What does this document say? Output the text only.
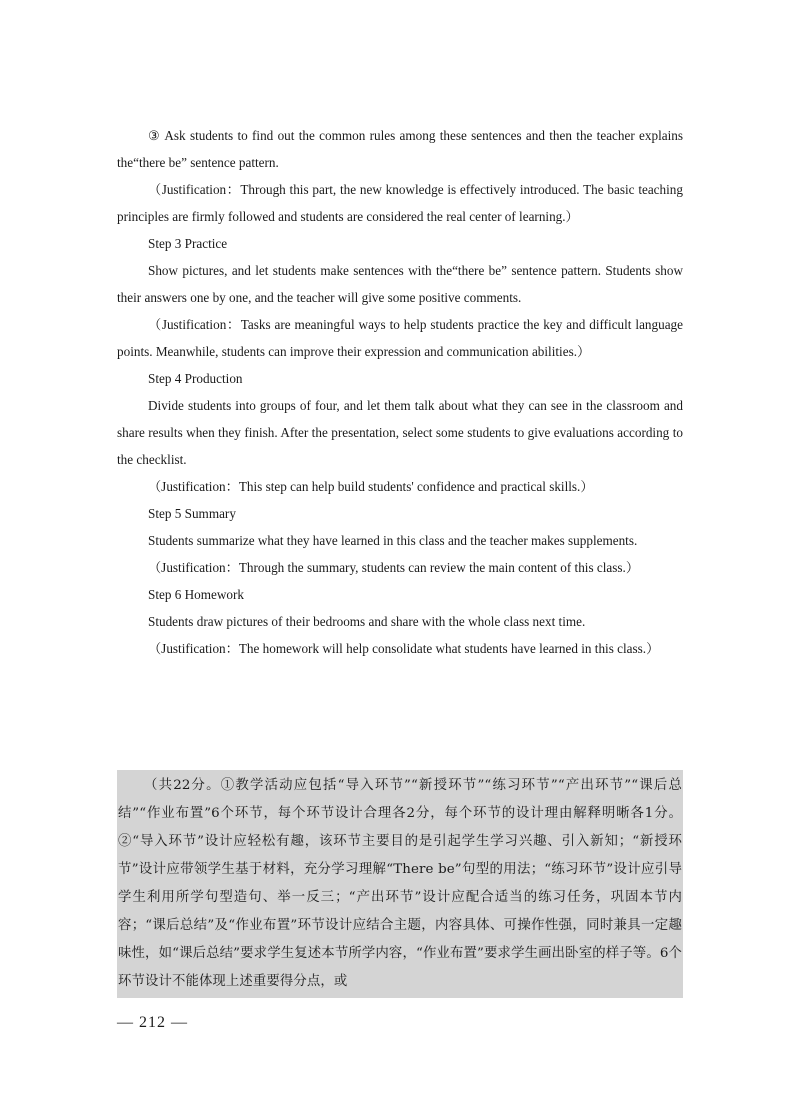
③ Ask students to find out the common rules among these sentences and then the teacher explains the“there be” sentence pattern.

（Justification：Through this part, the new knowledge is effectively introduced. The basic teaching principles are firmly followed and students are considered the real center of learning.）

Step 3 Practice

Show pictures, and let students make sentences with the“there be” sentence pattern. Students show their answers one by one, and the teacher will give some positive comments.

（Justification：Tasks are meaningful ways to help students practice the key and difficult language points. Meanwhile, students can improve their expression and communication abilities.）

Step 4 Production

Divide students into groups of four, and let them talk about what they can see in the classroom and share results when they finish. After the presentation, select some students to give evaluations according to the checklist.

（Justification：This step can help build students' confidence and practical skills.）

Step 5 Summary

Students summarize what they have learned in this class and the teacher makes supplements.

（Justification：Through the summary, students can review the main content of this class.）

Step 6 Homework

Students draw pictures of their bedrooms and share with the whole class next time.

（Justification：The homework will help consolidate what students have learned in this class.）

（共22分。①教学活动应包括“导入环节”“新授环节”“练习环节”“产出环节”“课后总结”“作业布置”6个环节，每个环节设计合理各2分，每个环节的设计理由解释明晰各1分。②“导入环节”设计应轻松有趣，该环节主要目的是引起学生学习兴趣、引入新知；“新授环节”设计应带领学生基于材料，充分学习理解“There be”句型的用法；“练习环节”设计应引导学生利用所学句型造句、举一反三；“产出环节”设计应配合适当的练习任务，巩固本节内容；“课后总结”及“作业布置”环节设计应结合主题，内容具体、可操作性强，同时兼具一定趣味性，如“课后总结”要求学生复述本节所学内容，“作业布置”要求学生画出卧室的样子等。6个环节设计不能体现上述重要得分点，或

— 212 —
